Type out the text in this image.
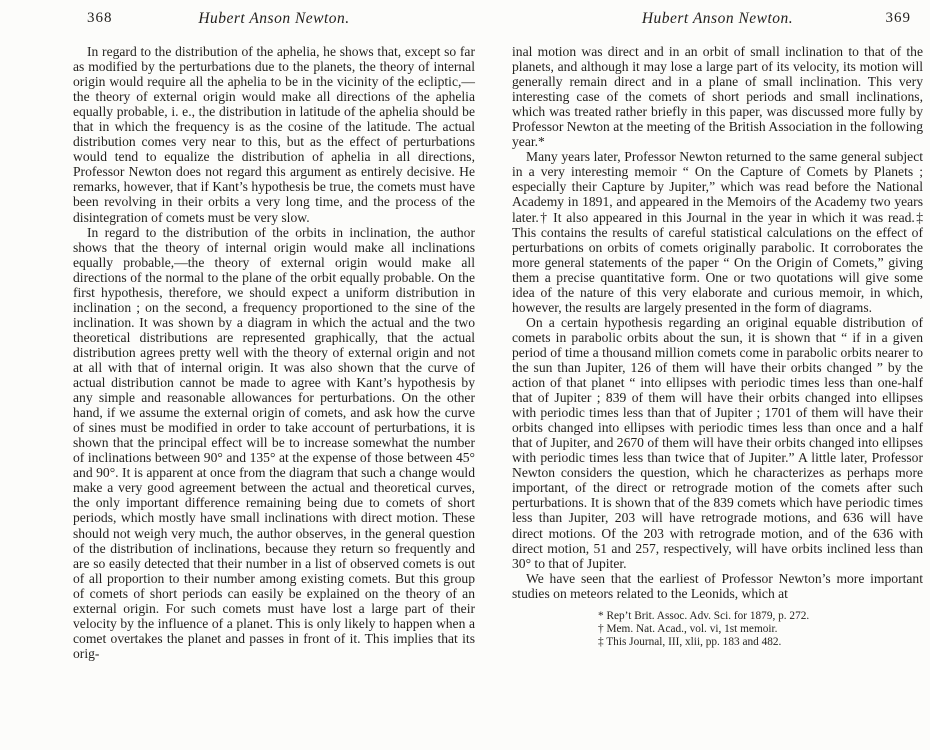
368	Hubert Anson Newton.

In regard to the distribution of the aphelia, he shows that, except so far as modified by the perturbations due to the planets, the theory of internal origin would require all the aphelia to be in the vicinity of the ecliptic,—the theory of external origin would make all directions of the aphelia equally probable, i. e., the distribution in latitude of the aphelia should be that in which the frequency is as the cosine of the latitude. The actual distribution comes very near to this, but as the effect of perturbations would tend to equalize the distribution of aphelia in all directions, Professor Newton does not regard this argument as entirely decisive. He remarks, however, that if Kant’s hypothesis be true, the comets must have been revolving in their orbits a very long time, and the process of the disintegration of comets must be very slow.

In regard to the distribution of the orbits in inclination, the author shows that the theory of internal origin would make all inclinations equally probable,—the theory of external origin would make all directions of the normal to the plane of the orbit equally probable. On the first hypothesis, therefore, we should expect a uniform distribution in inclination ; on the second, a frequency proportioned to the sine of the inclination. It was shown by a diagram in which the actual and the two theoretical distributions are represented graphically, that the actual distribution agrees pretty well with the theory of external origin and not at all with that of internal origin. It was also shown that the curve of actual distribution cannot be made to agree with Kant’s hypothesis by any simple and reasonable allowances for perturbations. On the other hand, if we assume the external origin of comets, and ask how the curve of sines must be modified in order to take account of perturbations, it is shown that the principal effect will be to increase somewhat the number of inclinations between 90° and 135° at the expense of those between 45° and 90°. It is apparent at once from the diagram that such a change would make a very good agreement between the actual and theoretical curves, the only important difference remaining being due to comets of short periods, which mostly have small inclinations with direct motion. These should not weigh very much, the author observes, in the general question of the distribution of inclinations, because they return so frequently and are so easily detected that their number in a list of observed comets is out of all proportion to their number among existing comets. But this group of comets of short periods can easily be explained on the theory of an external origin. For such comets must have lost a large part of their velocity by the influence of a planet. This is only likely to happen when a comet overtakes the planet and passes in front of it. This implies that its orig-

Hubert Anson Newton.	369

inal motion was direct and in an orbit of small inclination to that of the planets, and although it may lose a large part of its velocity, its motion will generally remain direct and in a plane of small inclination. This very interesting case of the comets of short periods and small inclinations, which was treated rather briefly in this paper, was discussed more fully by Professor Newton at the meeting of the British Association in the following year.*

Many years later, Professor Newton returned to the same general subject in a very interesting memoir “ On the Capture of Comets by Planets ; especially their Capture by Jupiter,” which was read before the National Academy in 1891, and appeared in the Memoirs of the Academy two years later.† It also appeared in this Journal in the year in which it was read.‡ This contains the results of careful statistical calculations on the effect of perturbations on orbits of comets originally parabolic. It corroborates the more general statements of the paper “ On the Origin of Comets,” giving them a precise quantitative form. One or two quotations will give some idea of the nature of this very elaborate and curious memoir, in which, however, the results are largely presented in the form of diagrams.

On a certain hypothesis regarding an original equable distribution of comets in parabolic orbits about the sun, it is shown that “ if in a given period of time a thousand million comets come in parabolic orbits nearer to the sun than Jupiter, 126 of them will have their orbits changed ” by the action of that planet “ into ellipses with periodic times less than one-half that of Jupiter ; 839 of them will have their orbits changed into ellipses with periodic times less than that of Jupiter ; 1701 of them will have their orbits changed into ellipses with periodic times less than once and a half that of Jupiter, and 2670 of them will have their orbits changed into ellipses with periodic times less than twice that of Jupiter.” A little later, Professor Newton considers the question, which he characterizes as perhaps more important, of the direct or retrograde motion of the comets after such perturbations. It is shown that of the 839 comets which have periodic times less than Jupiter, 203 will have retrograde motions, and 636 will have direct motions. Of the 203 with retrograde motion, and of the 636 with direct motion, 51 and 257, respectively, will have orbits inclined less than 30° to that of Jupiter.

We have seen that the earliest of Professor Newton’s more important studies on meteors related to the Leonids, which at

* Rep’t Brit. Assoc. Adv. Sci. for 1879, p. 272.
† Mem. Nat. Acad., vol. vi, 1st memoir.
‡ This Journal, III, xlii, pp. 183 and 482.
